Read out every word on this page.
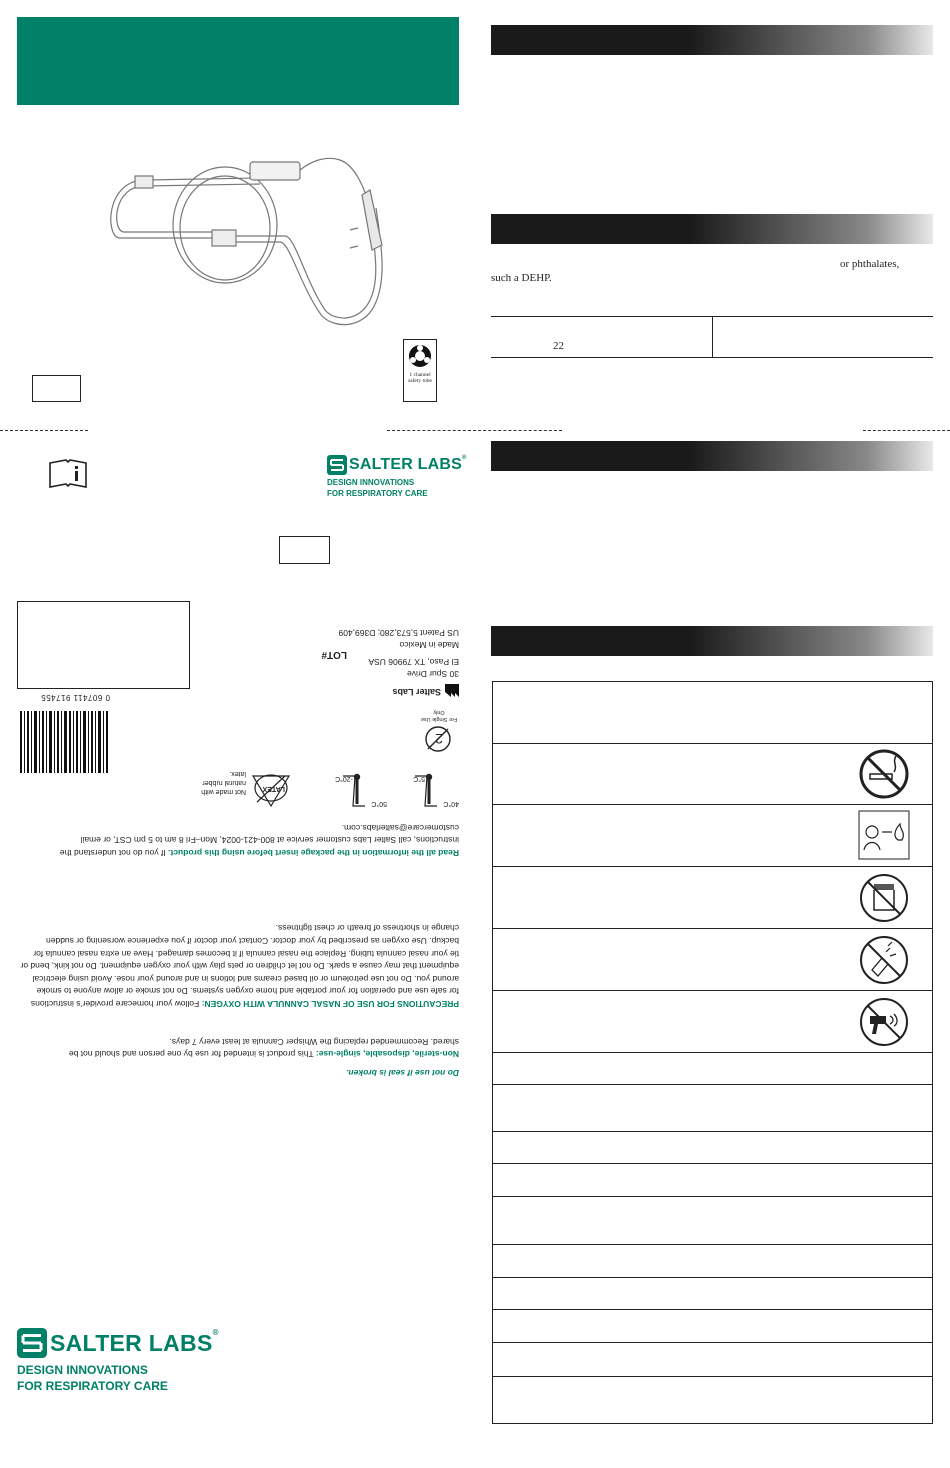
1 channel safety tube
SALTER LABS ®
DESIGN INNOVATIONS
FOR RESPIRATORY CARE
Do not use if seal is broken.
Non-sterile, disposable, single-use: This product is intended for use by one person and should not be shared. Recommended replacing the Whisper Cannula at least every 7 days.
PRECAUTIONS FOR USE OF NASAL CANNULA WITH OXYGEN: Follow your homecare provider’s instructions for safe use and operation for your portable and home oxygen systems. Do not smoke or allow anyone to smoke around you. Do not use petroleum or oil based creams and lotions in and around your nose. Avoid using electrical equipment that may cause a spark. Do not let children or pets play with your oxygen equipment. Do not kink, bend or tie your nasal cannula tubing. Replace the nasal cannula if it becomes damaged. Have an extra nasal cannula for backup. Use oxygen as prescribed by your doctor. Contact your doctor if you experience worsening or sudden change in shortness of breath or chest tightness.
Read all the information in the package insert before using this product. If you do not understand the instructions, call Salter Labs customer service at 800-421-0024, Mon–Fri 8 am to 5 pm CST, or email customercare@salterlabs.com.
40°C
5°C
50°C
-20°C
LATEX
Not made with natural rubber latex.
2
For Single Use Only
0 607411 917455
Salter Labs
30 Spur Drive
El Paso, TX 79906 USA
Made in Mexico
US Patent 5,573,280; D369,409
LOT#
SALTER LABS ®
DESIGN INNOVATIONS
FOR RESPIRATORY CARE
or phthalates,
such a DEHP.
22
